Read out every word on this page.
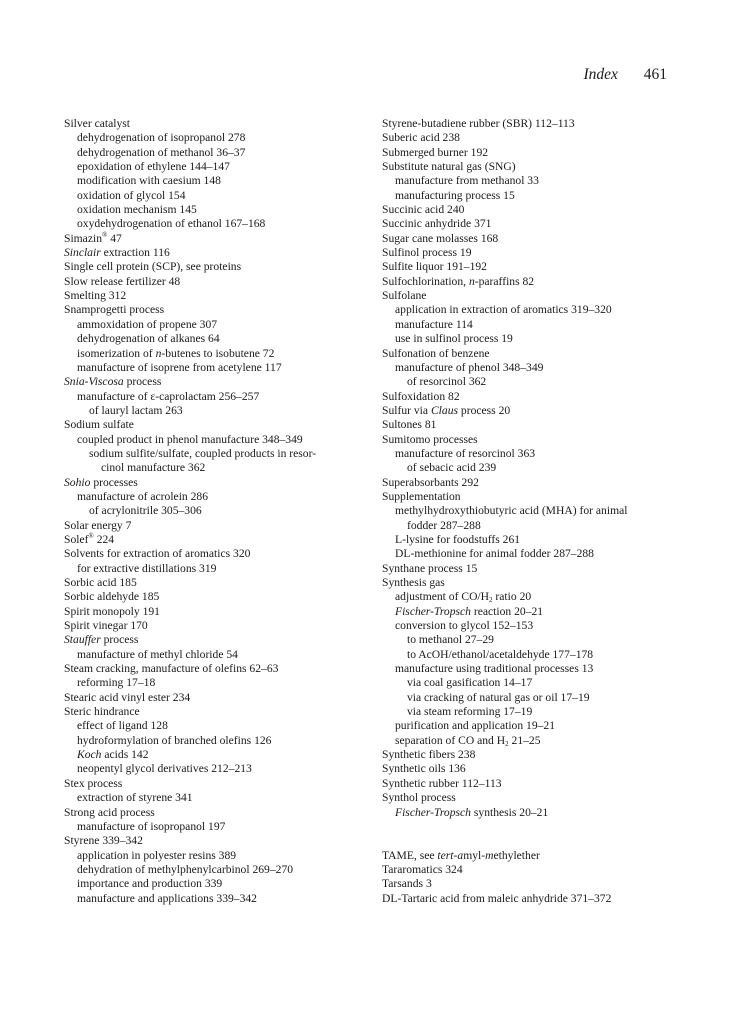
Index 461
Silver catalyst
dehydrogenation of isopropanol 278
dehydrogenation of methanol 36–37
epoxidation of ethylene 144–147
modification with caesium 148
oxidation of glycol 154
oxidation mechanism 145
oxydehydrogenation of ethanol 167–168
Simazin® 47
Sinclair extraction 116
Single cell protein (SCP), see proteins
Slow release fertilizer 48
Smelting 312
Snamprogetti process
ammoxidation of propene 307
dehydrogenation of alkanes 64
isomerization of n-butenes to isobutene 72
manufacture of isoprene from acetylene 117
Snia-Viscosa process
manufacture of ε-caprolactam 256–257
of lauryl lactam 263
Sodium sulfate
coupled product in phenol manufacture 348–349
sodium sulfite/sulfate, coupled products in resor-
cinol manufacture 362
Sohio processes
manufacture of acrolein 286
of acrylonitrile 305–306
Solar energy 7
Solef® 224
Solvents for extraction of aromatics 320
for extractive distillations 319
Sorbic acid 185
Sorbic aldehyde 185
Spirit monopoly 191
Spirit vinegar 170
Stauffer process
manufacture of methyl chloride 54
Steam cracking, manufacture of olefins 62–63
reforming 17–18
Stearic acid vinyl ester 234
Steric hindrance
effect of ligand 128
hydroformylation of branched olefins 126
Koch acids 142
neopentyl glycol derivatives 212–213
Stex process
extraction of styrene 341
Strong acid process
manufacture of isopropanol 197
Styrene 339–342
application in polyester resins 389
dehydration of methylphenylcarbinol 269–270
importance and production 339
manufacture and applications 339–342
Styrene-butadiene rubber (SBR) 112–113
Suberic acid 238
Submerged burner 192
Substitute natural gas (SNG)
manufacture from methanol 33
manufacturing process 15
Succinic acid 240
Succinic anhydride 371
Sugar cane molasses 168
Sulfinol process 19
Sulfite liquor 191–192
Sulfochlorination, n-paraffins 82
Sulfolane
application in extraction of aromatics 319–320
manufacture 114
use in sulfinol process 19
Sulfonation of benzene
manufacture of phenol 348–349
of resorcinol 362
Sulfoxidation 82
Sulfur via Claus process 20
Sultones 81
Sumitomo processes
manufacture of resorcinol 363
of sebacic acid 239
Superabsorbants 292
Supplementation
methylhydroxythiobutyric acid (MHA) for animal
fodder 287–288
L-lysine for foodstuffs 261
DL-methionine for animal fodder 287–288
Synthane process 15
Synthesis gas
adjustment of $CO/H_2$ ratio 20
Fischer-Tropsch reaction 20–21
conversion to glycol 152–153
to methanol 27–29
to AcOH/ethanol/acetaldehyde 177–178
manufacture using traditional processes 13
via coal gasification 14–17
via cracking of natural gas or oil 17–19
via steam reforming 17–19
purification and application 19–21
separation of CO and $H_2$ 21–25
Synthetic fibers 238
Synthetic oils 136
Synthetic rubber 112–113
Synthol process
Fischer-Tropsch synthesis 20–21
TAME, see tert-amyl-methylether
Tararomatics 324
Tarsands 3
DL-Tartaric acid from maleic anhydride 371–372
